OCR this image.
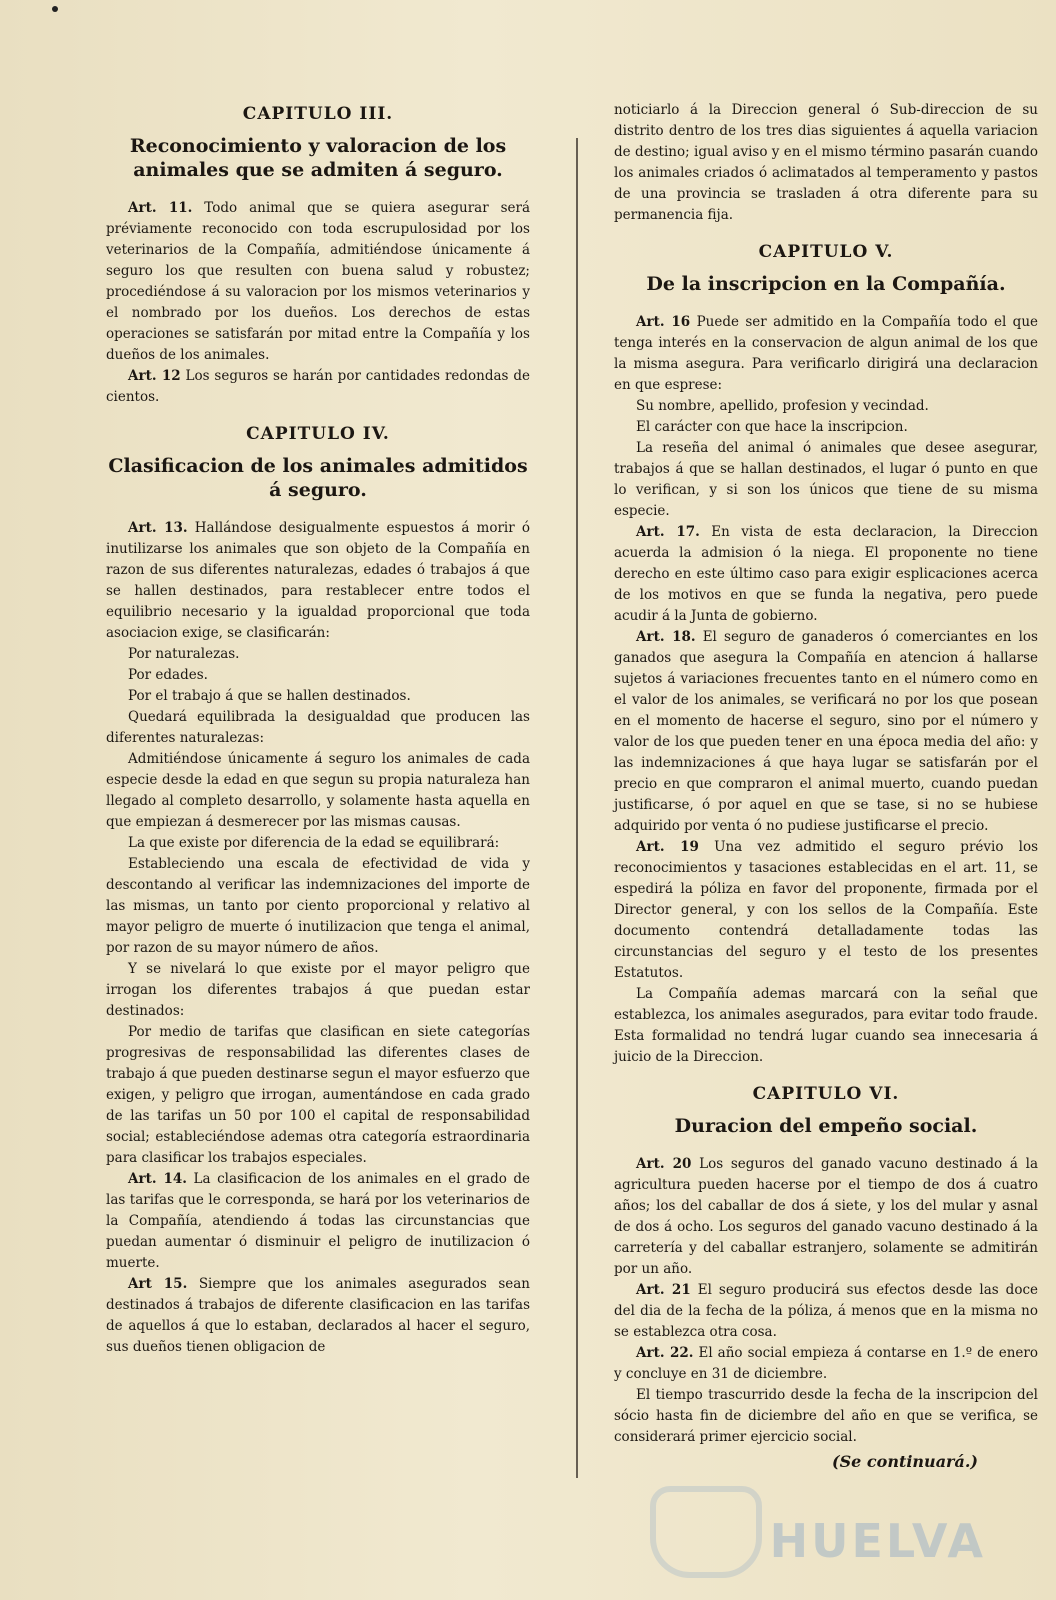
CAPITULO III.
Reconocimiento y valoracion de los animales que se admiten á seguro.

Art. 11. Todo animal que se quiera asegurar será préviamente reconocido con toda escrupulosidad por los veterinarios de la Compañía, admitiéndose únicamente á seguro los que resulten con buena salud y robustez; procediéndose á su valoracion por los mismos veterinarios y el nombrado por los dueños. Los derechos de estas operaciones se satisfarán por mitad entre la Compañía y los dueños de los animales.

Art. 12 Los seguros se harán por cantidades redondas de cientos.

CAPITULO IV.
Clasificacion de los animales admitidos á seguro.

Art. 13. Hallándose desigualmente espuestos á morir ó inutilizarse los animales que son objeto de la Compañía en razon de sus diferentes naturalezas, edades ó trabajos á que se hallen destinados, para restablecer entre todos el equilibrio necesario y la igualdad proporcional que toda asociacion exige, se clasificarán:

Por naturalezas.

Por edades.

Por el trabajo á que se hallen destinados.

Quedará equilibrada la desigualdad que producen las diferentes naturalezas:

Admitiéndose únicamente á seguro los animales de cada especie desde la edad en que segun su propia naturaleza han llegado al completo desarrollo, y solamente hasta aquella en que empiezan á desmerecer por las mismas causas.

La que existe por diferencia de la edad se equilibrará:

Estableciendo una escala de efectividad de vida y descontando al verificar las indemnizaciones del importe de las mismas, un tanto por ciento proporcional y relativo al mayor peligro de muerte ó inutilizacion que tenga el animal, por razon de su mayor número de años.

Y se nivelará lo que existe por el mayor peligro que irrogan los diferentes trabajos á que puedan estar destinados:

Por medio de tarifas que clasifican en siete categorías progresivas de responsabilidad las diferentes clases de trabajo á que pueden destinarse segun el mayor esfuerzo que exigen, y peligro que irrogan, aumentándose en cada grado de las tarifas un 50 por 100 el capital de responsabilidad social; estableciéndose ademas otra categoría estraordinaria para clasificar los trabajos especiales.

Art. 14. La clasificacion de los animales en el grado de las tarifas que le corresponda, se hará por los veterinarios de la Compañía, atendiendo á todas las circunstancias que puedan aumentar ó disminuir el peligro de inutilizacion ó muerte.

Art 15. Siempre que los animales asegurados sean destinados á trabajos de diferente clasificacion en las tarifas de aquellos á que lo estaban, declarados al hacer el seguro, sus dueños tienen obligacion de

noticiarlo á la Direccion general ó Sub-direccion de su distrito dentro de los tres dias siguientes á aquella variacion de destino; igual aviso y en el mismo término pasarán cuando los animales criados ó aclimatados al temperamento y pastos de una provincia se trasladen á otra diferente para su permanencia fija.

CAPITULO V.
De la inscripcion en la Compañía.

Art. 16 Puede ser admitido en la Compañía todo el que tenga interés en la conservacion de algun animal de los que la misma asegura. Para verificarlo dirigirá una declaracion en que esprese:

Su nombre, apellido, profesion y vecindad.

El carácter con que hace la inscripcion.

La reseña del animal ó animales que desee asegurar, trabajos á que se hallan destinados, el lugar ó punto en que lo verifican, y si son los únicos que tiene de su misma especie.

Art. 17. En vista de esta declaracion, la Direccion acuerda la admision ó la niega. El proponente no tiene derecho en este último caso para exigir esplicaciones acerca de los motivos en que se funda la negativa, pero puede acudir á la Junta de gobierno.

Art. 18. El seguro de ganaderos ó comerciantes en los ganados que asegura la Compañía en atencion á hallarse sujetos á variaciones frecuentes tanto en el número como en el valor de los animales, se verificará no por los que posean en el momento de hacerse el seguro, sino por el número y valor de los que pueden tener en una época media del año: y las indemnizaciones á que haya lugar se satisfarán por el precio en que compraron el animal muerto, cuando puedan justificarse, ó por aquel en que se tase, si no se hubiese adquirido por venta ó no pudiese justificarse el precio.

Art. 19 Una vez admitido el seguro prévio los reconocimientos y tasaciones establecidas en el art. 11, se espedirá la póliza en favor del proponente, firmada por el Director general, y con los sellos de la Compañía. Este documento contendrá detalladamente todas las circunstancias del seguro y el testo de los presentes Estatutos.

La Compañía ademas marcará con la señal que establezca, los animales asegurados, para evitar todo fraude. Esta formalidad no tendrá lugar cuando sea innecesaria á juicio de la Direccion.

CAPITULO VI.
Duracion del empeño social.

Art. 20 Los seguros del ganado vacuno destinado á la agricultura pueden hacerse por el tiempo de dos á cuatro años; los del caballar de dos á siete, y los del mular y asnal de dos á ocho. Los seguros del ganado vacuno destinado á la carretería y del caballar estranjero, solamente se admitirán por un año.

Art. 21 El seguro producirá sus efectos desde las doce del dia de la fecha de la póliza, á menos que en la misma no se establezca otra cosa.

Art. 22. El año social empieza á contarse en 1.º de enero y concluye en 31 de diciembre.

El tiempo trascurrido desde la fecha de la inscripcion del sócio hasta fin de diciembre del año en que se verifica, se considerará primer ejercicio social.

(Se continuará.)
HUELVA
